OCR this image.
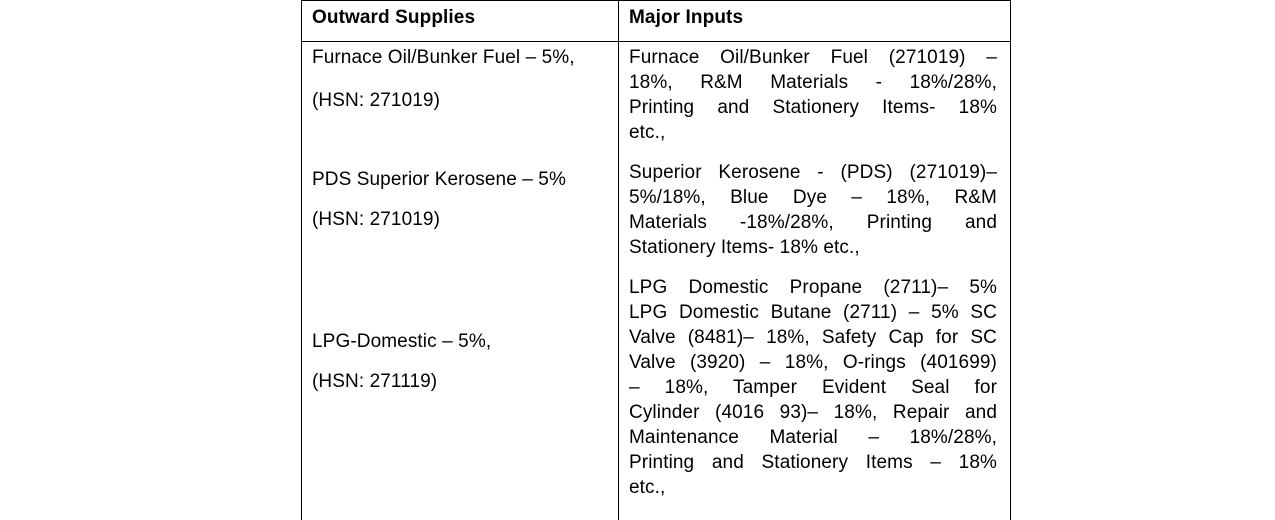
Outward Supplies	Major Inputs
Furnace Oil/Bunker Fuel – 5%,
(HSN: 271019)
Furnace Oil/Bunker Fuel (271019) –
18%, R&M Materials - 18%/28%,
Printing and Stationery Items- 18%
etc.,
PDS Superior Kerosene – 5%
(HSN: 271019)
Superior Kerosene - (PDS) (271019)–
5%/18%, Blue Dye – 18%, R&M
Materials -18%/28%, Printing and
Stationery Items- 18% etc.,
LPG-Domestic – 5%,
(HSN: 271119)
LPG Domestic Propane (2711)– 5%
LPG Domestic Butane (2711) – 5% SC
Valve (8481)– 18%, Safety Cap for SC
Valve (3920) – 18%, O-rings (401699)
– 18%, Tamper Evident Seal for
Cylinder (4016 93)– 18%, Repair and
Maintenance Material – 18%/28%,
Printing and Stationery Items – 18%
etc.,
